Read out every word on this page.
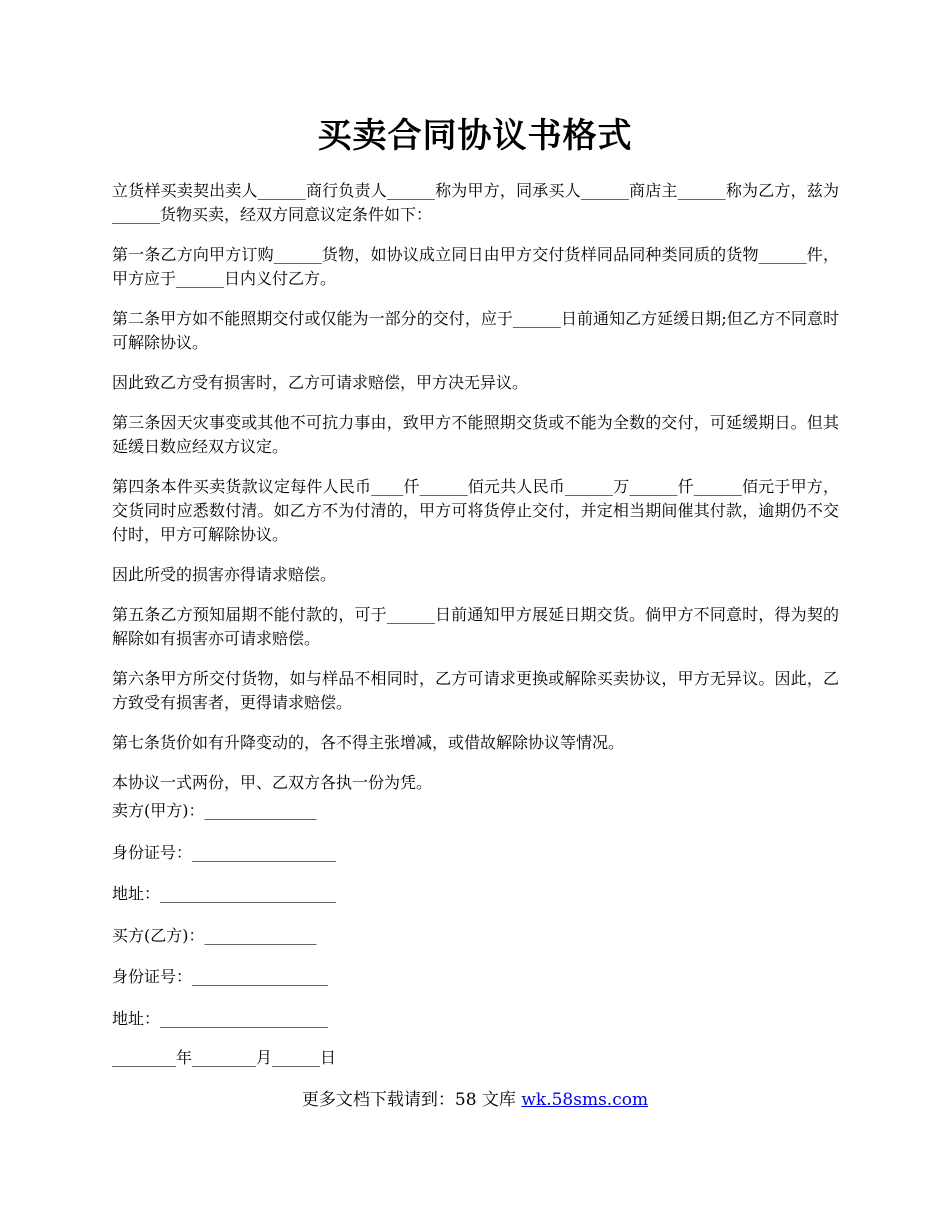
买卖合同协议书格式

立货样买卖契出卖人______商行负责人______称为甲方，同承买人______商店主______称为乙方，兹为______货物买卖，经双方同意议定条件如下：

第一条乙方向甲方订购______货物，如协议成立同日由甲方交付货样同品同种类同质的货物______件，甲方应于______日内义付乙方。

第二条甲方如不能照期交付或仅能为一部分的交付，应于______日前通知乙方延缓日期;但乙方不同意时可解除协议。

因此致乙方受有损害时，乙方可请求赔偿，甲方决无异议。

第三条因天灾事变或其他不可抗力事由，致甲方不能照期交货或不能为全数的交付，可延缓期日。但其延缓日数应经双方议定。

第四条本件买卖货款议定每件人民币____仟______佰元共人民币______万______仟______佰元于甲方，交货同时应悉数付清。如乙方不为付清的，甲方可将货停止交付，并定相当期间催其付款，逾期仍不交付时，甲方可解除协议。

因此所受的损害亦得请求赔偿。

第五条乙方预知届期不能付款的，可于______日前通知甲方展延日期交货。倘甲方不同意时，得为契的解除如有损害亦可请求赔偿。

第六条甲方所交付货物，如与样品不相同时，乙方可请求更换或解除买卖协议，甲方无异议。因此，乙方致受有损害者，更得请求赔偿。

第七条货价如有升降变动的，各不得主张增减，或借故解除协议等情况。

本协议一式两份，甲、乙双方各执一份为凭。

卖方(甲方)：______________
身份证号：__________________
地址：______________________
买方(乙方)：______________
身份证号：_________________
地址：_____________________
________年________月______日
更多文档下载请到：58 文库 wk.58sms.com
